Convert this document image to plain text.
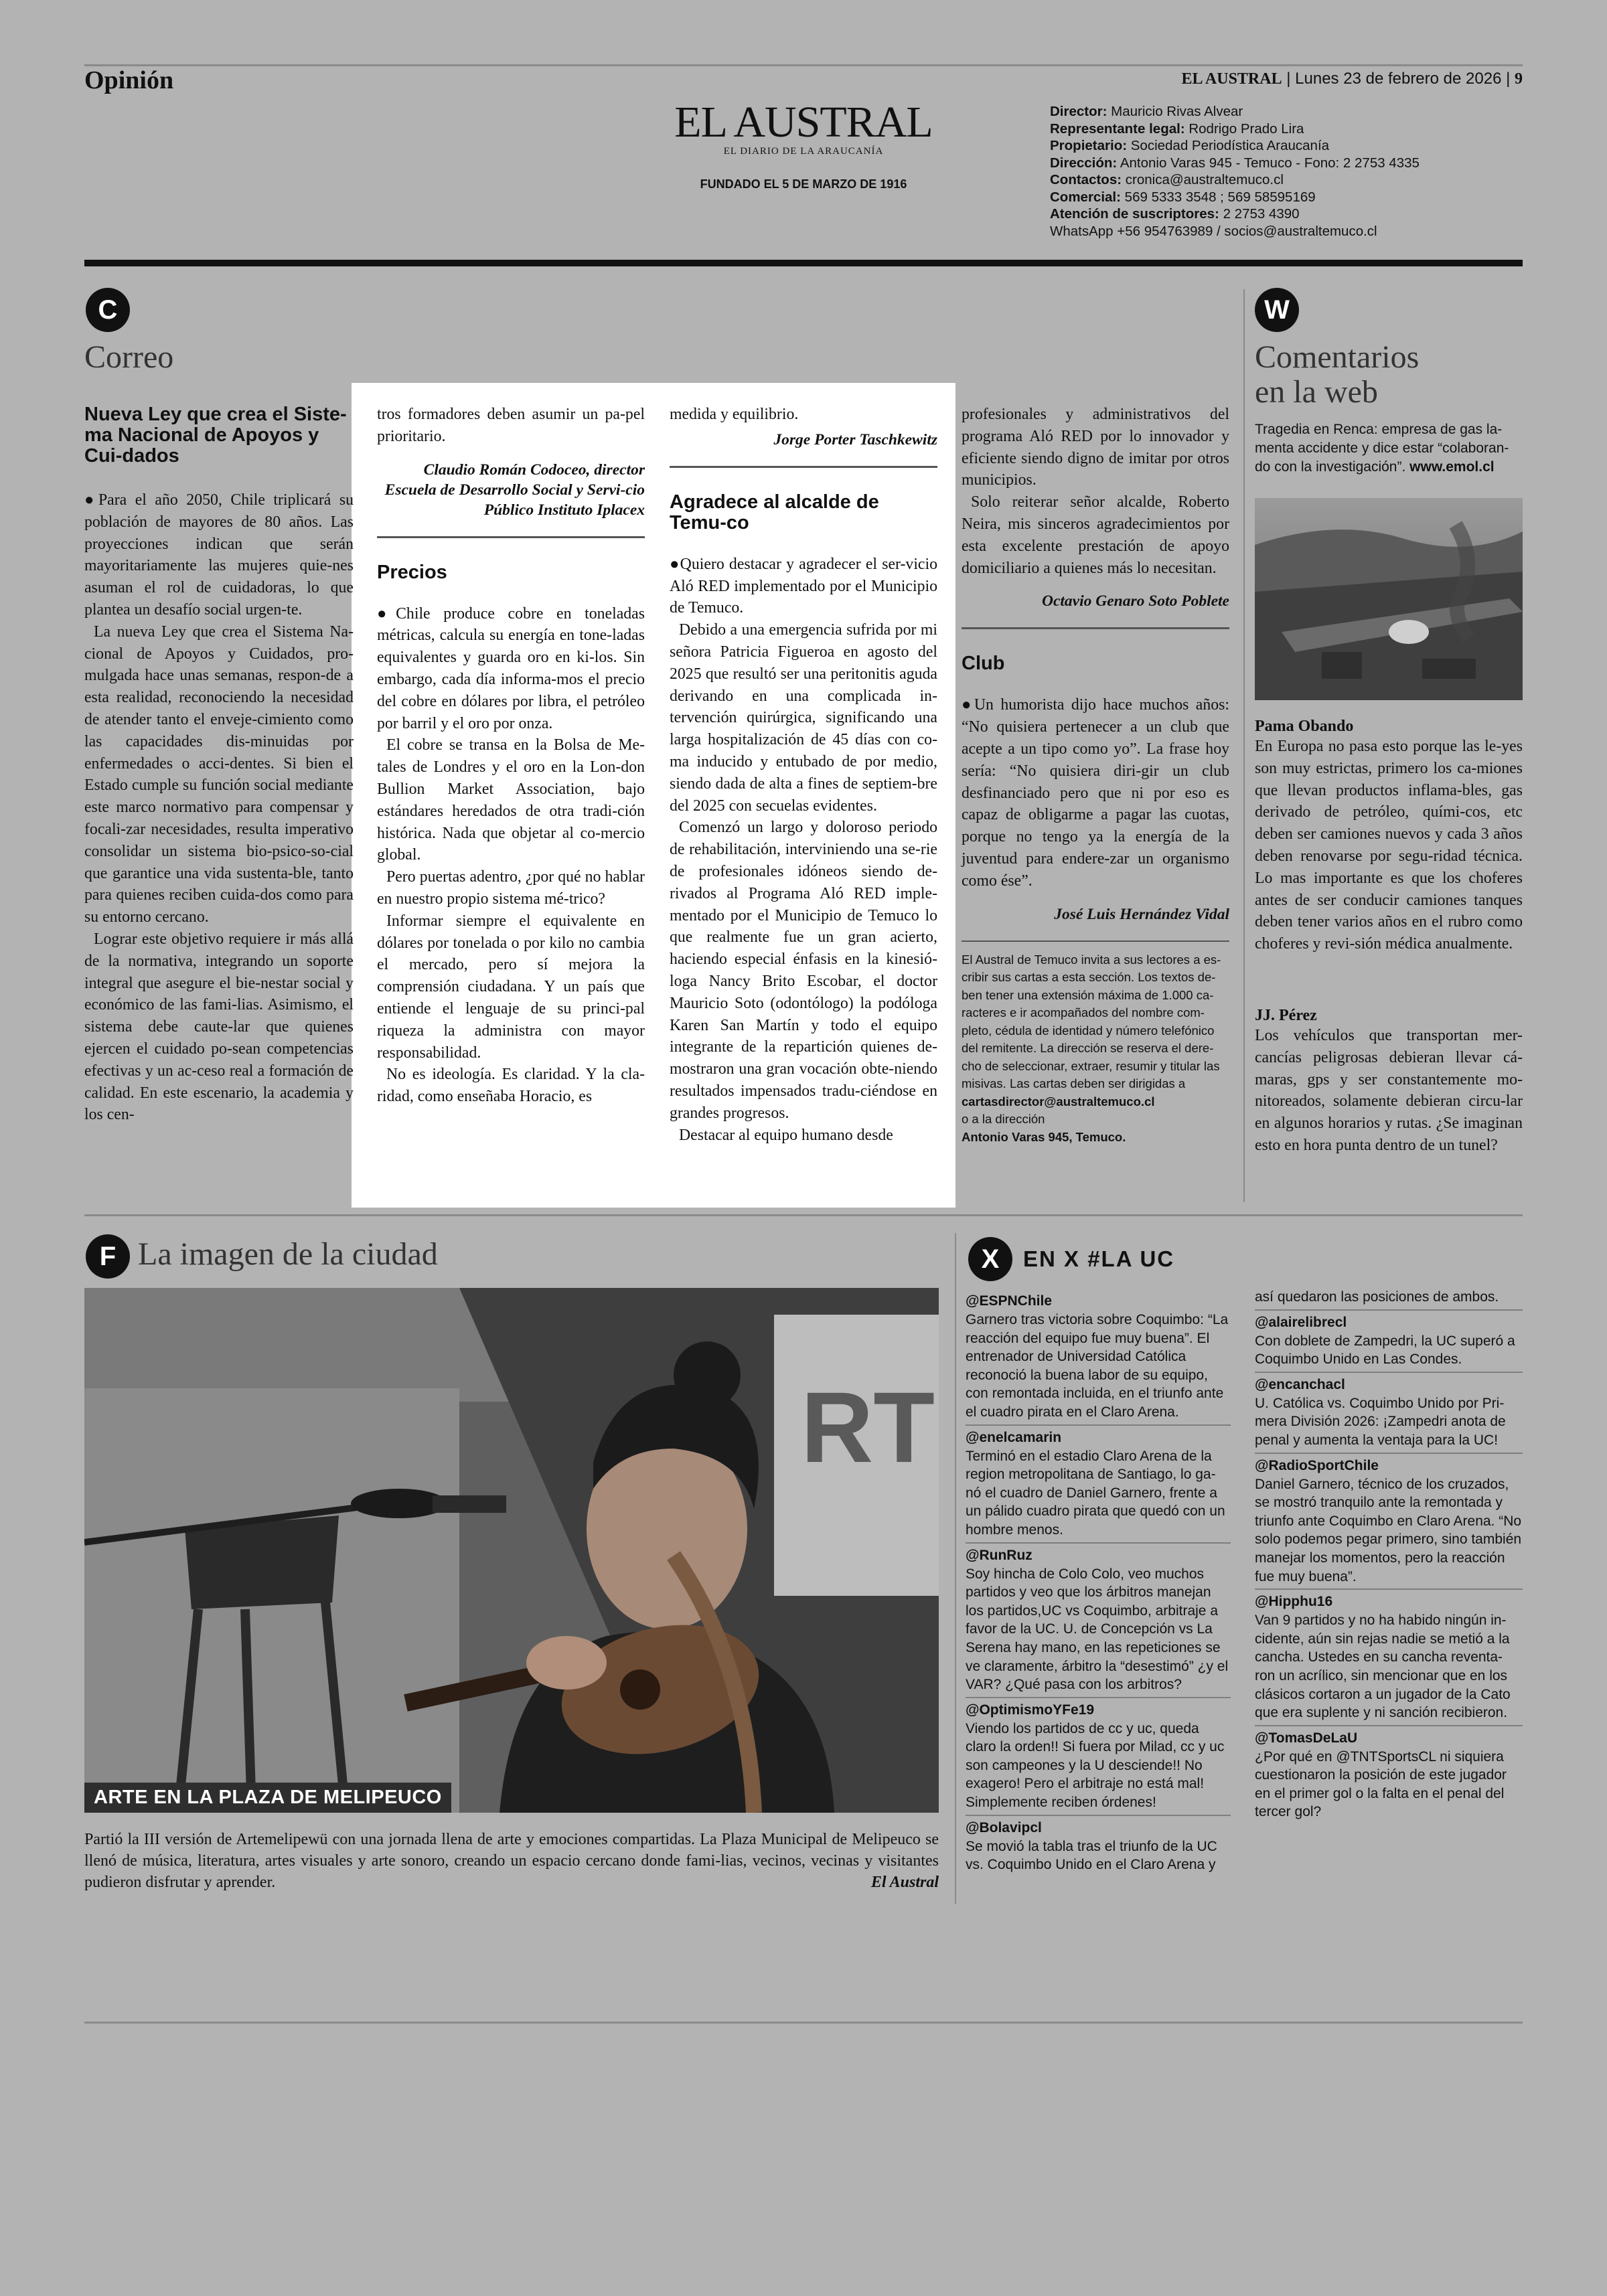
Opinión
EL AUSTRAL
EL DIARIO DE LA ARAUCANÍA
FUNDADO EL 5 DE MARZO DE 1916
EL AUSTRAL | Lunes 23 de febrero de 2026 | 9
Director: Mauricio Rivas Alvear
Representante legal: Rodrigo Prado Lira
Propietario: Sociedad Periodística Araucanía
Dirección: Antonio Varas 945 - Temuco - Fono: 2 2753 4335
Contactos: cronica@australtemuco.cl
Comercial: 569 5333 3548 ; 569 58595169
Atención de suscriptores: 2 2753 4390
WhatsApp +56 954763989 / socios@australtemuco.cl
C
Correo
Nueva Ley que crea el Siste-ma Nacional de Apoyos y Cui-dados

●Para el año 2050, Chile triplicará su población de mayores de 80 años. Las proyecciones indican que serán mayoritariamente las mujeres quie-nes asuman el rol de cuidadoras, lo que plantea un desafío social urgen-te.

La nueva Ley que crea el Sistema Na-cional de Apoyos y Cuidados, pro-mulgada hace unas semanas, respon-de a esta realidad, reconociendo la necesidad de atender tanto el enveje-cimiento como las capacidades dis-minuidas por enfermedades o acci-dentes. Si bien el Estado cumple su función social mediante este marco normativo para compensar y focali-zar necesidades, resulta imperativo consolidar un sistema bio-psico-so-cial que garantice una vida sustenta-ble, tanto para quienes reciben cuida-dos como para su entorno cercano.

Lograr este objetivo requiere ir más allá de la normativa, integrando un soporte integral que asegure el bie-nestar social y económico de las fami-lias. Asimismo, el sistema debe caute-lar que quienes ejercen el cuidado po-sean competencias efectivas y un ac-ceso real a formación de calidad. En este escenario, la academia y los cen-

tros formadores deben asumir un pa-pel prioritario.

Claudio Román Codoceo, director Escuela de Desarrollo Social y Servi-cio Público Instituto Iplacex
Precios

●Chile produce cobre en toneladas métricas, calcula su energía en tone-ladas equivalentes y guarda oro en ki-los. Sin embargo, cada día informa-mos el precio del cobre en dólares por libra, el petróleo por barril y el oro por onza.

El cobre se transa en la Bolsa de Me-tales de Londres y el oro en la Lon-don Bullion Market Association, bajo estándares heredados de otra tradi-ción histórica. Nada que objetar al co-mercio global.

Pero puertas adentro, ¿por qué no hablar en nuestro propio sistema mé-trico?

Informar siempre el equivalente en dólares por tonelada o por kilo no cambia el mercado, pero sí mejora la comprensión ciudadana. Y un país que entiende el lenguaje de su princi-pal riqueza la administra con mayor responsabilidad.

No es ideología. Es claridad. Y la cla-ridad, como enseñaba Horacio, es

medida y equilibrio.

Jorge Porter Taschkewitz
Agradece al alcalde de Temu-co

●Quiero destacar y agradecer el ser-vicio Aló RED implementado por el Municipio de Temuco.

Debido a una emergencia sufrida por mi señora Patricia Figueroa en agosto del 2025 que resultó ser una peritonitis aguda derivando en una complicada in-tervención quirúrgica, significando una larga hospitalización de 45 días con co-ma inducido y entubado de por medio, siendo dada de alta a fines de septiem-bre del 2025 con secuelas evidentes.

Comenzó un largo y doloroso periodo de rehabilitación, interviniendo una se-rie de profesionales idóneos siendo de-rivados al Programa Aló RED imple-mentado por el Municipio de Temuco lo que realmente fue un gran acierto, haciendo especial énfasis en la kinesió-loga Nancy Brito Escobar, el doctor Mauricio Soto (odontólogo) la podóloga Karen San Martín y todo el equipo integrante de la repartición quienes de-mostraron una gran vocación obte-niendo resultados impensados tradu-ciéndose en grandes progresos.

Destacar al equipo humano desde

profesionales y administrativos del programa Aló RED por lo innovador y eficiente siendo digno de imitar por otros municipios.

Solo reiterar señor alcalde, Roberto Neira, mis sinceros agradecimientos por esta excelente prestación de apoyo domiciliario a quienes más lo necesitan.

Octavio Genaro Soto Poblete
Club

●Un humorista dijo hace muchos años: “No quisiera pertenecer a un club que acepte a un tipo como yo”. La frase hoy sería: “No quisiera diri-gir un club desfinanciado pero que ni por eso es capaz de obligarme a pagar las cuotas, porque no tengo ya la energía de la juventud para endere-zar un organismo como ése”.

José Luis Hernández Vidal
El Austral de Temuco invita a sus lectores a es-cribir sus cartas a esta sección. Los textos de-ben tener una extensión máxima de 1.000 ca-racteres e ir acompañados del nombre com-pleto, cédula de identidad y número telefónico del remitente. La dirección se reserva el dere-cho de seleccionar, extraer, resumir y titular las misivas. Las cartas deben ser dirigidas a
cartasdirector@australtemuco.cl
o a la dirección
Antonio Varas 945, Temuco.
W
Comentarios
en la web
Tragedia en Renca: empresa de gas la-menta accidente y dice estar “colaboran-do con la investigación”. www.emol.cl
Pama Obando
En Europa no pasa esto porque las le-yes son muy estrictas, primero los ca-miones que llevan productos inflama-bles, gas derivado de petróleo, quími-cos, etc deben ser camiones nuevos y cada 3 años deben renovarse por segu-ridad técnica. Lo mas importante es que los choferes antes de ser conducir camiones tanques deben tener varios años en el rubro como choferes y revi-sión médica anualmente.
JJ. Pérez
Los vehículos que transportan mer-cancías peligrosas debieran llevar cá-maras, gps y ser constantemente mo-nitoreados, solamente debieran circu-lar en algunos horarios y rutas. ¿Se imaginan esto en hora punta dentro de un tunel?
F La imagen de la ciudad
RT
ARTE EN LA PLAZA DE MELIPEUCO
Partió la III versión de Artemelipewü con una jornada llena de arte y emociones compartidas. La Plaza Municipal de Melipeuco se llenó de música, literatura, artes visuales y arte sonoro, creando un espacio cercano donde fami-lias, vecinos, vecinas y visitantes pudieron disfrutar y aprender.	El Austral
X	EN X #LA UC
@ESPNChile
Garnero tras victoria sobre Coquimbo: “La reacción del equipo fue muy buena”. El entrenador de Universidad Católica reconoció la buena labor de su equipo, con remontada incluida, en el triunfo ante el cuadro pirata en el Claro Arena.
@enelcamarin
Terminó en el estadio Claro Arena de la region metropolitana de Santiago, lo ga-nó el cuadro de Daniel Garnero, frente a un pálido cuadro pirata que quedó con un hombre menos.
@RunRuz
Soy hincha de Colo Colo, veo muchos partidos y veo que los árbitros manejan los partidos,UC vs Coquimbo, arbitraje a favor de la UC. U. de Concepción vs La Serena hay mano, en las repeticiones se ve claramente, árbitro la “desestimó” ¿y el VAR? ¿Qué pasa con los arbitros?
@OptimismoYFe19
Viendo los partidos de cc y uc, queda claro la orden!! Si fuera por Milad, cc y uc son campeones y la U desciende!! No exagero! Pero el arbitraje no está mal! Simplemente reciben órdenes!
@Bolavipcl
Se movió la tabla tras el triunfo de la UC vs. Coquimbo Unido en el Claro Arena y
así quedaron las posiciones de ambos.
@alairelibrecl
Con doblete de Zampedri, la UC superó a Coquimbo Unido en Las Condes.
@encanchacl
U. Católica vs. Coquimbo Unido por Pri-mera División 2026: ¡Zampedri anota de penal y aumenta la ventaja para la UC!
@RadioSportChile
Daniel Garnero, técnico de los cruzados, se mostró tranquilo ante la remontada y triunfo ante Coquimbo en Claro Arena. “No solo podemos pegar primero, sino también manejar los momentos, pero la reacción fue muy buena”.
@Hipphu16
Van 9 partidos y no ha habido ningún in-cidente, aún sin rejas nadie se metió a la cancha. Ustedes en su cancha reventa-ron un acrílico, sin mencionar que en los clásicos cortaron a un jugador de la Cato que era suplente y ni sanción recibieron.
@TomasDeLaU
¿Por qué en @TNTSportsCL ni siquiera cuestionaron la posición de este jugador en el primer gol o la falta en el penal del tercer gol?
